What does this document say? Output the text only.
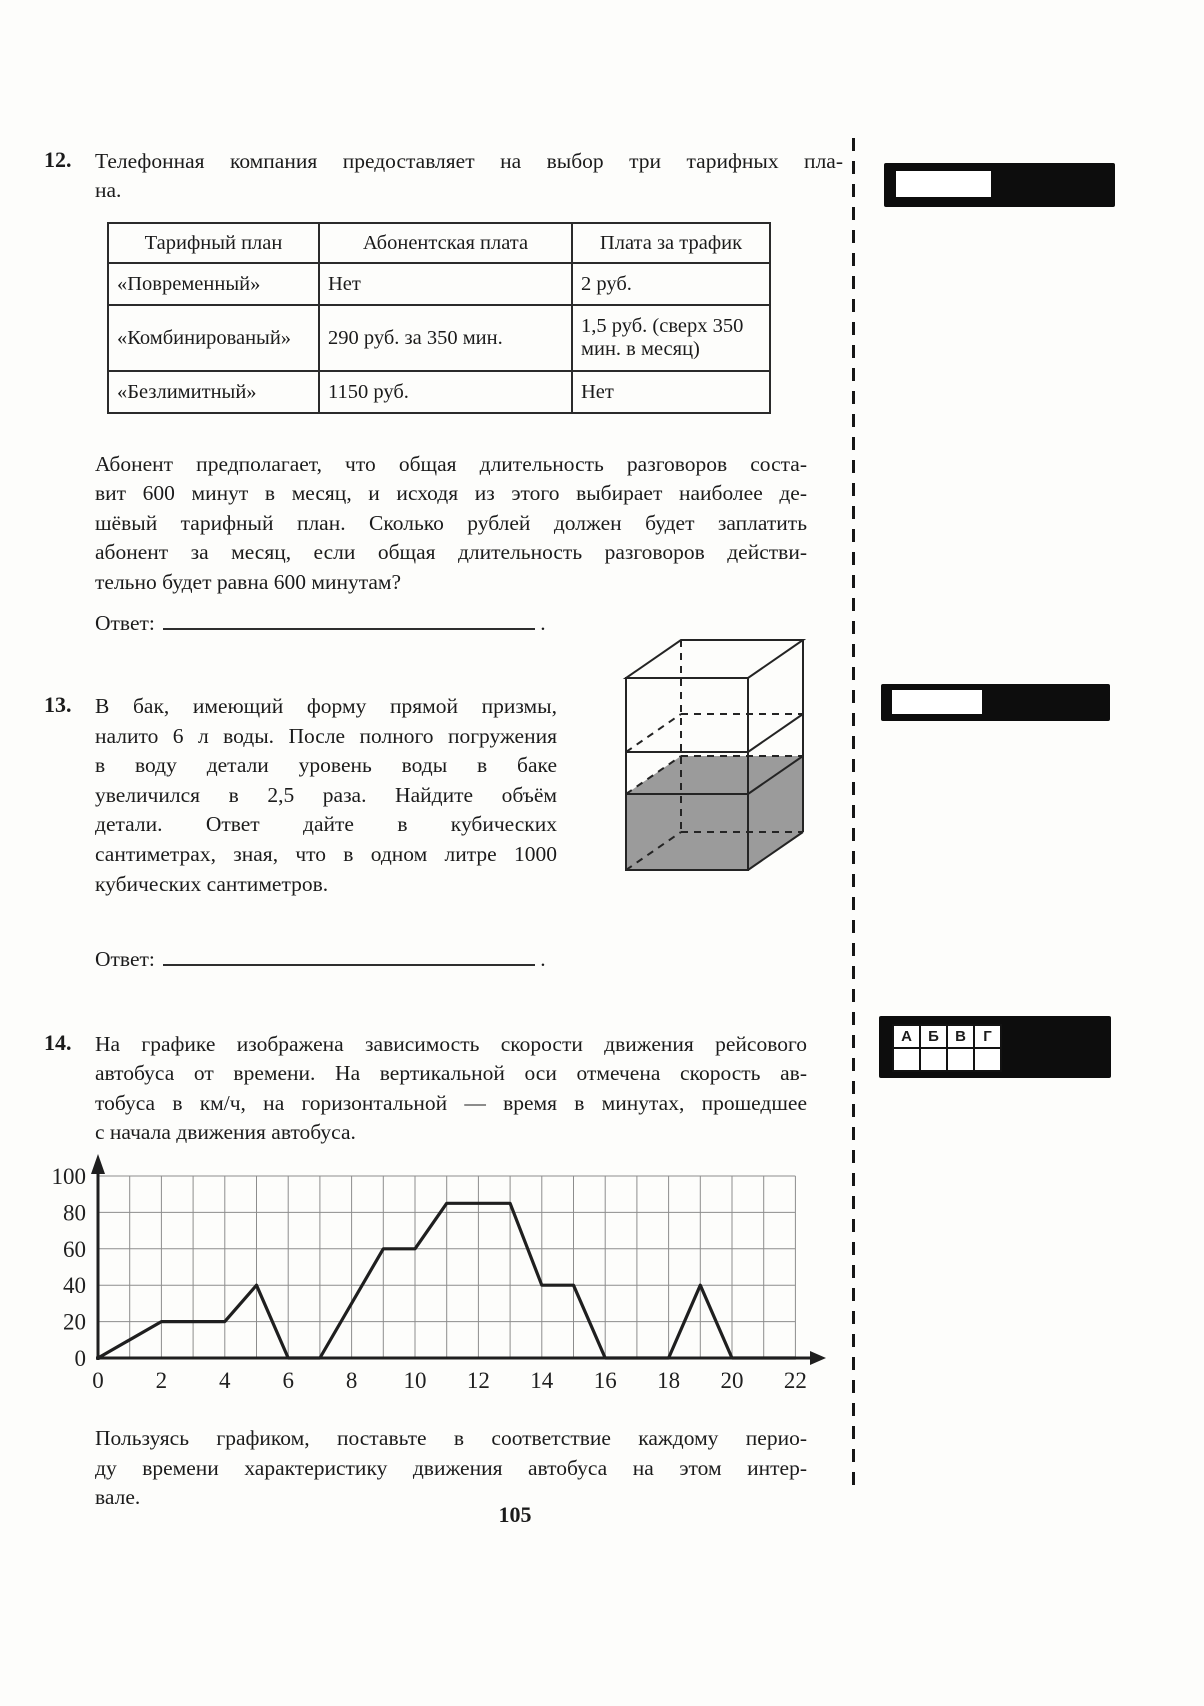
А	Б	В	Г

12. Телефонная компания предоставляет на выбор три тарифных пла-
на.
Тарифный план	Абонентская плата	Плата за трафик
«Повременный»	Нет	2 руб.
«Комбинированый»	290 руб. за 350 мин.	1,5 руб. (сверх 350 мин. в месяц)
«Безлимитный»	1150 руб.	Нет
Абонент предполагает, что общая длительность разговоров соста-
вит 600 минут в месяц, и исходя из этого выбирает наиболее де-
шёвый тарифный план. Сколько рублей должен будет заплатить
абонент за месяц, если общая длительность разговоров действи-
тельно будет равна 600 минутам?
Ответ:	.
13. В бак, имеющий форму прямой призмы,
налито 6 л воды. После полного погружения
в воду детали уровень воды в баке
увеличился в 2,5 раза. Найдите объём
детали. Ответ дайте в кубических
сантиметрах, зная, что в одном литре 1000
кубических сантиметров.
Ответ:	.
14. На графике изображена зависимость скорости движения рейсового
автобуса от времени. На вертикальной оси отмечена скорость ав-
тобуса в км/ч, на горизонтальной — время в минутах, прошедшее
с начала движения автобуса.
0
20
40
60
80
100
0 2 4 6 8 10 12 14 16 18 20 22
Пользуясь графиком, поставьте в соответствие каждому перио-
ду времени характеристику движения автобуса на этом интер-
вале.
105
